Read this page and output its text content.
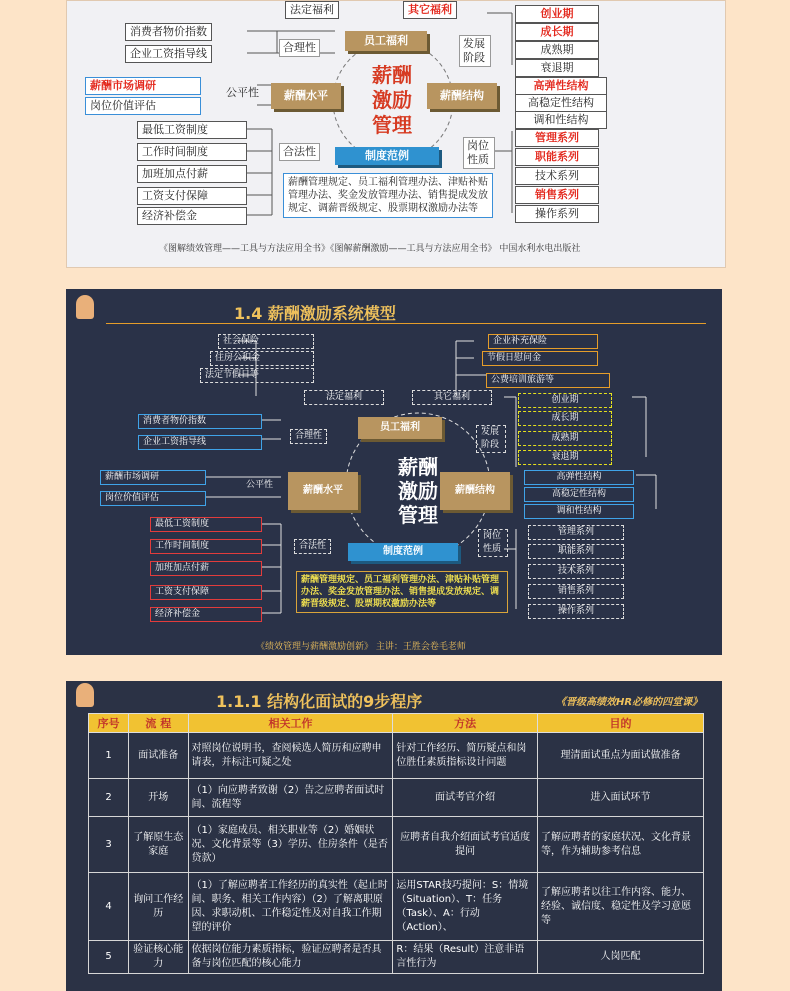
法定福利	其它福利
消费者物价指数
企业工资指导线
薪酬市场调研
岗位价值评估
最低工资制度
工作时间制度
加班加点付薪
工资支付保障
经济补偿金
合理性
公平性
合法性
发展阶段
岗位性质
员工福利
薪酬水平	薪酬结构
制度范例
薪酬
激励
管理
创业期
成长期
成熟期
衰退期
高弹性结构
高稳定性结构
调和性结构
管理系列
职能系列
技术系列
销售系列
操作系列
薪酬管理规定、员工福利管理办法、津贴补贴管理办法、奖金发放管理办法、销售提成发放规定、调薪晋级规定、股票期权激励办法等
《图解绩效管理——工具与方法应用全书》《图解薪酬激励——工具与方法应用全书》 中国水利水电出版社
1.4 薪酬激励系统模型
社会保险
住房公积金
法定节假日等
企业补充保险
节假日慰问金
公费培训旅游等
法定福利	其它福利
消费者物价指数
企业工资指导线
薪酬市场调研
岗位价值评估
最低工资制度
工作时间制度
加班加点付薪
工资支付保障
经济补偿金
合理性
公平性
合法性
发展阶段
岗位性质
员工福利
薪酬水平	薪酬结构
制度范例
薪酬
激励
管理
创业期
成长期
成熟期
衰退期
高弹性结构
高稳定性结构
调和性结构
管理系列
职能系列
技术系列
销售系列
操作系列
薪酬管理规定、员工福利管理办法、津贴补贴管理办法、奖金发放管理办法、销售提成发放规定、调薪晋级规定、股票期权激励办法等
《绩效管理与薪酬激励创新》 主讲：王胜会卷毛老师
1.1.1 结构化面试的9步程序	《晋级高绩效HR必修的四堂课》
序号	流 程	相关工作	方法	目的
1	面试准备	对照岗位说明书，查阅候选人简历和应聘申请表，并标注可疑之处	针对工作经历、简历疑点和岗位胜任素质指标设计问题	理清面试重点为面试做准备
2	开场	（1）向应聘者致谢（2）告之应聘者面试时间、流程等	面试考官介绍	进入面试环节
3	了解原生态家庭	（1）家庭成员、相关职业等（2）婚姻状况、文化背景等（3）学历、住房条件（是否贷款）	应聘者自我介绍面试考官适度提问	了解应聘者的家庭状况、文化背景等，作为辅助参考信息
4	询问工作经历	（1）了解应聘者工作经历的真实性（起止时间、职务、相关工作内容）（2）了解离职原因、求职动机、工作稳定性及对自我工作期望的评价	运用STAR技巧提问：S：情境（Situation）、T：任务（Task）、A：行动（Action）、	了解应聘者以往工作内容、能力、经验、诚信度、稳定性及学习意愿等
5	验证核心能力	依据岗位能力素质指标，验证应聘者是否具备与岗位匹配的核心能力	R：结果（Result）注意非语言性行为	人岗匹配
